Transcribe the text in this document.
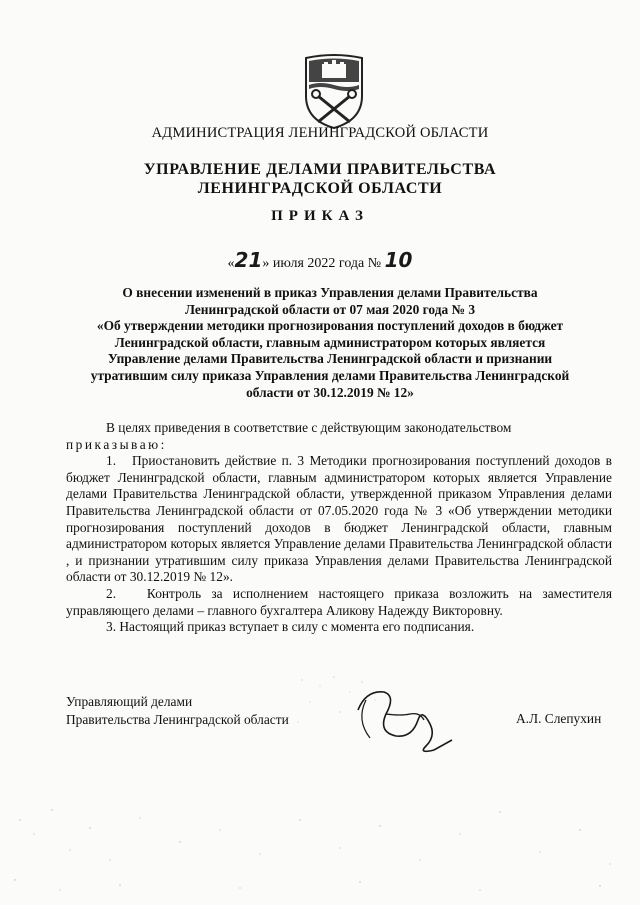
АДМИНИСТРАЦИЯ ЛЕНИНГРАДСКОЙ ОБЛАСТИ
УПРАВЛЕНИЕ ДЕЛАМИ ПРАВИТЕЛЬСТВА
ЛЕНИНГРАДСКОЙ ОБЛАСТИ
ПРИКАЗ
«21» июля 2022 года № 10
О внесении изменений в приказ Управления делами Правительства
Ленинградской области от 07 мая 2020 года № 3
«Об утверждении методики прогнозирования поступлений доходов в бюджет
Ленинградской области, главным администратором которых является
Управление делами Правительства Ленинградской области и признании
утратившим силу приказа Управления делами Правительства Ленинградской
области от 30.12.2019 № 12»

В целях приведения в соответствие с действующим законодательством

приказываю:

1.   Приостановить действие п. 3 Методики прогнозирования поступлений доходов в бюджет Ленинградской области, главным администратором которых является Управление делами Правительства Ленинградской области, утвержденной приказом Управления делами Правительства Ленинградской области от 07.05.2020 года № 3 «Об утверждении методики прогнозирования поступлений доходов в бюджет Ленинградской области, главным администратором которых является Управление делами Правительства Ленинградской области , и признании утратившим силу приказа Управления делами Правительства Ленинградской области от 30.12.2019 № 12».

2.   Контроль за исполнением настоящего приказа возложить на заместителя управляющего делами – главного бухгалтера Аликову Надежду Викторовну.

3. Настоящий приказ вступает в силу с момента его подписания.

Управляющий делами
Правительства Ленинградской области	А.Л. Слепухин
